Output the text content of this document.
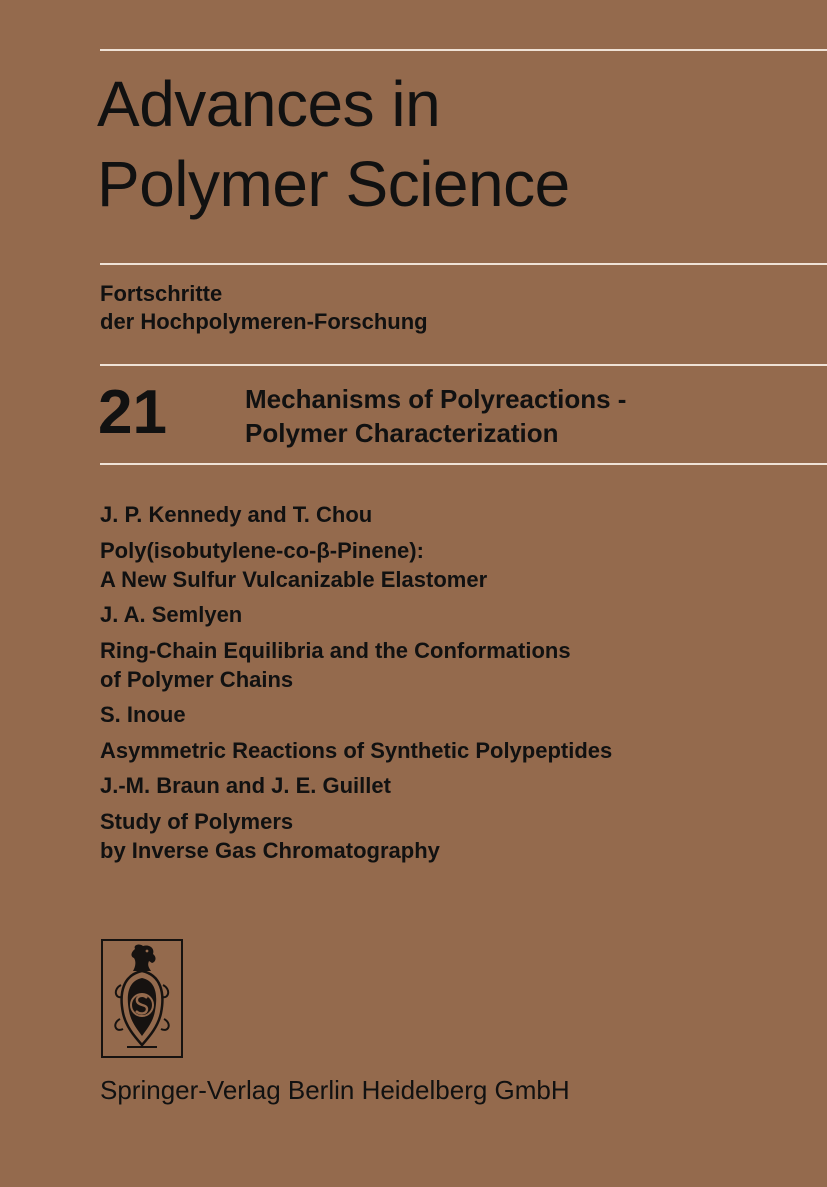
Advances in
Polymer Science
Fortschritte
der Hochpolymeren-Forschung
21	Mechanisms of Polyreactions -
Polymer Characterization
J. P. Kennedy and T. Chou
Poly(isobutylene-co-β-Pinene):
A New Sulfur Vulcanizable Elastomer
J. A. Semlyen
Ring-Chain Equilibria and the Conformations
of Polymer Chains
S. Inoue
Asymmetric Reactions of Synthetic Polypeptides
J.-M. Braun and J. E. Guillet
Study of Polymers
by Inverse Gas Chromatography
Springer-Verlag Berlin Heidelberg GmbH
